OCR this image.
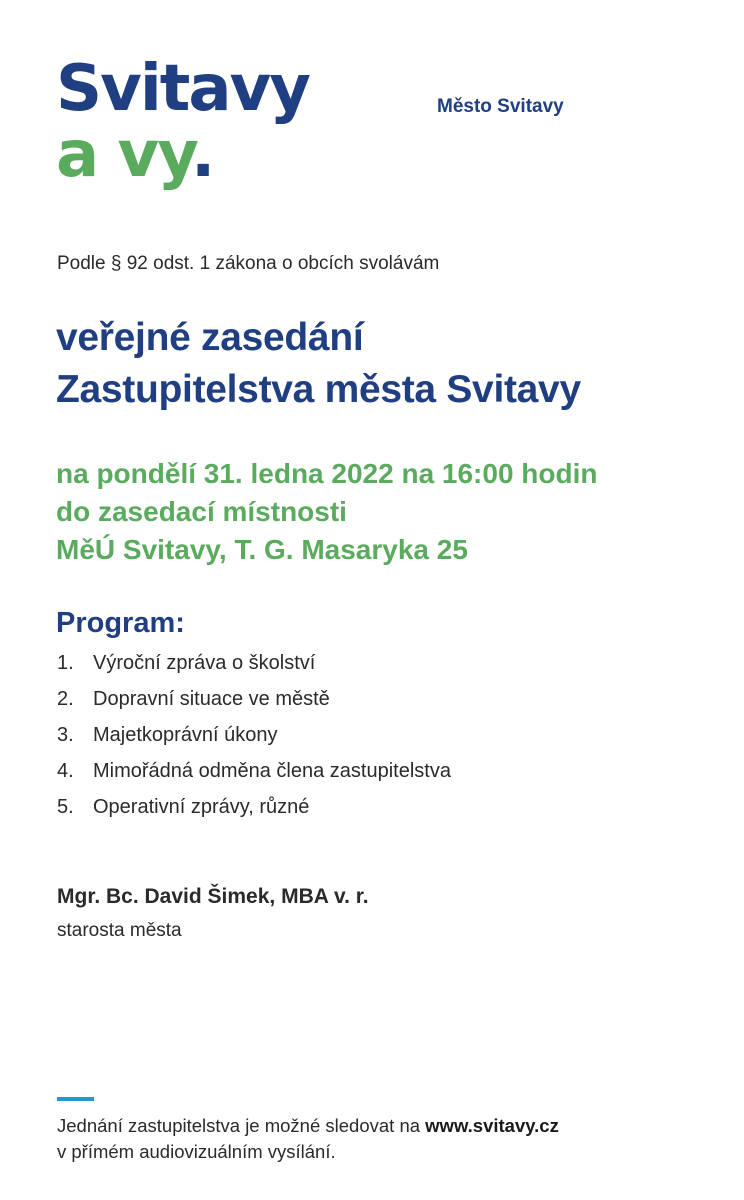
Svitavy
a vy.
Město Svitavy
Podle § 92 odst. 1 zákona o obcích svolávám
veřejné zasedání
Zastupitelstva města Svitavy
na pondělí 31. ledna 2022 na 16:00 hodin
do zasedací místnosti
MěÚ Svitavy, T. G. Masaryka 25
Program:
1. Výroční zpráva o školství
2. Dopravní situace ve městě
3. Majetkoprávní úkony
4. Mimořádná odměna člena zastupitelstva
5. Operativní zprávy, různé
Mgr. Bc. David Šimek, MBA v. r.
starosta města
Jednání zastupitelstva je možné sledovat na www.svitavy.cz
v přímém audiovizuálním vysílání.
